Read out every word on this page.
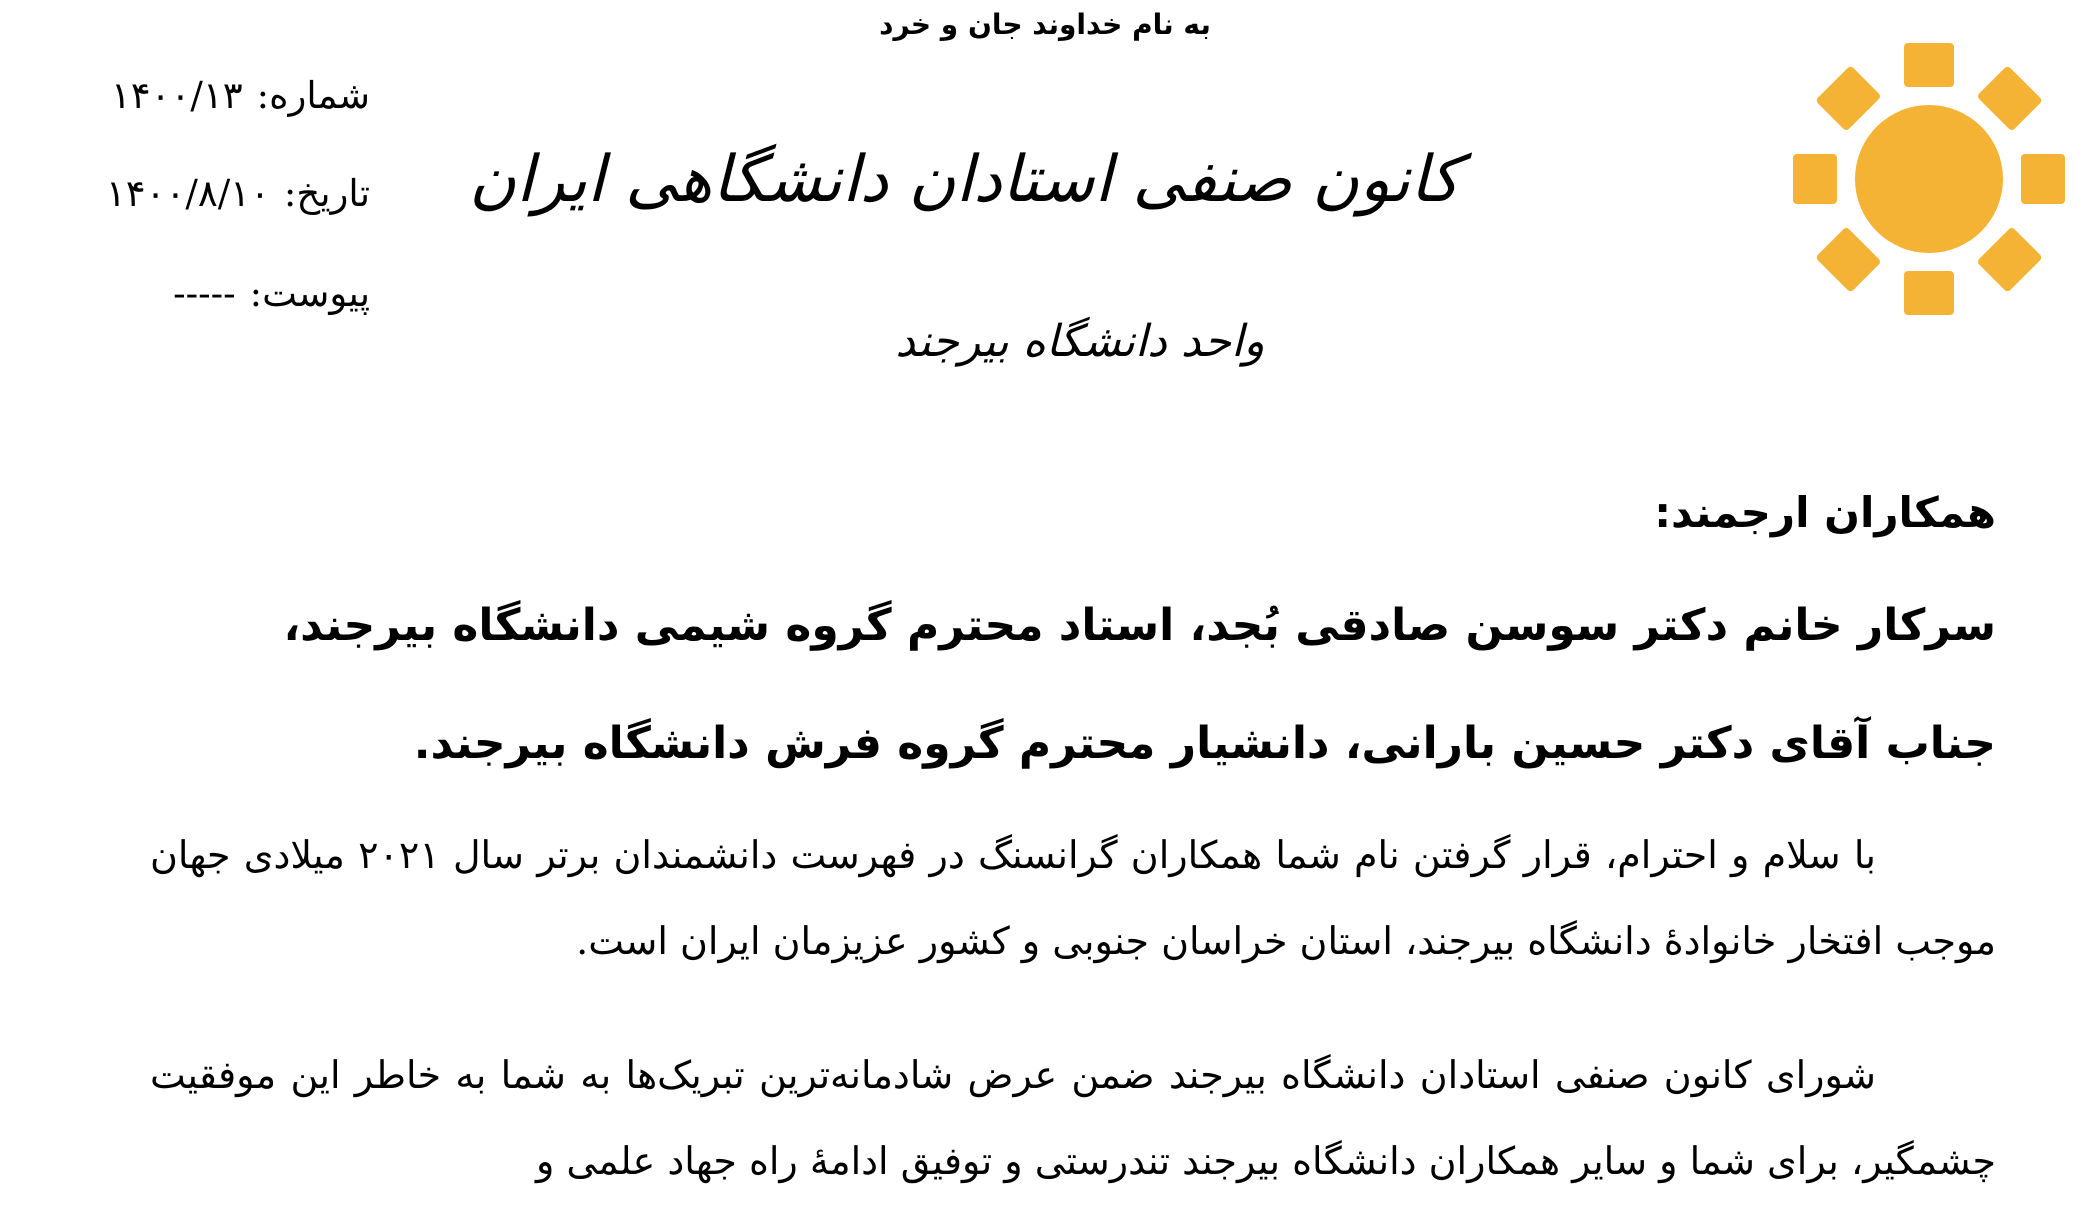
به نام خداوند جان و خرد
شماره:۱۴۰۰/۱۳
تاریخ:۱۴۰۰/۸/۱۰
پیوست:-----
کانون صنفی استادان دانشگاهی ایران
واحد دانشگاه بیرجند
همکاران ارجمند:
سرکار خانم دکتر سوسن صادقی بُجد، استاد محترم گروه شیمی دانشگاه بیرجند،
جناب آقای دکتر حسین بارانی، دانشیار محترم گروه فرش دانشگاه بیرجند.

با سلام و احترام، قرار گرفتن نام شما همکاران گرانسنگ در فهرست دانشمندان برتر سال ۲۰۲۱ میلادی جهان موجب افتخار خانوادهٔ دانشگاه بیرجند، استان خراسان جنوبی و کشور عزیزمان ایران است.

شورای کانون صنفی استادان دانشگاه بیرجند ضمن عرض شادمانه‌ترین تبریک‌ها به شما به خاطر این موفقیت چشمگیر، برای شما و سایر همکاران دانشگاه بیرجند تندرستی و توفیق ادامهٔ راه جهاد علمی و
